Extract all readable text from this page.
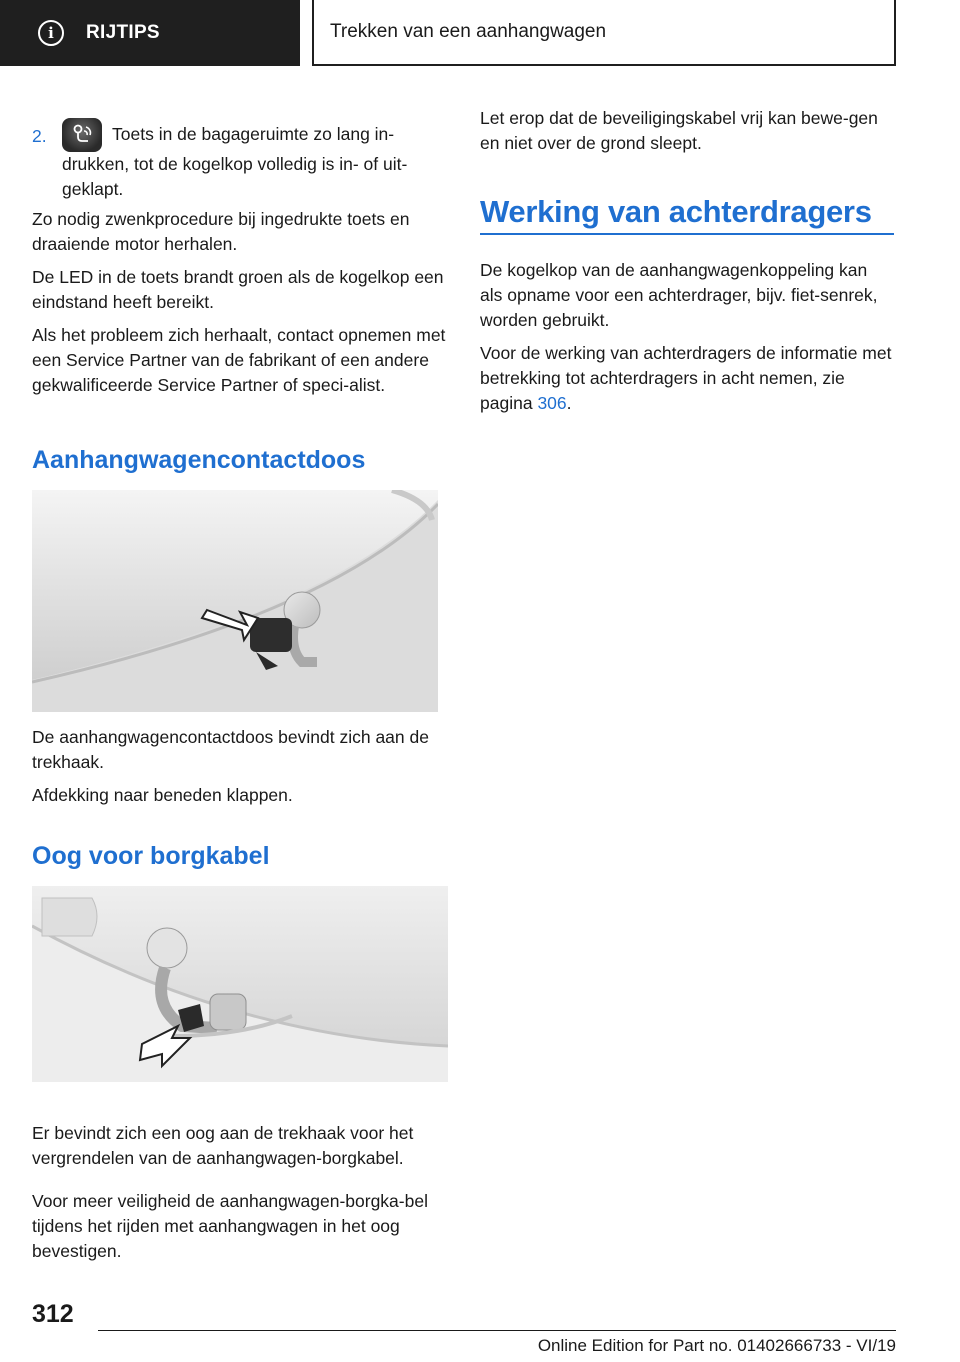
i	RIJTIPS	Trekken van een aanhangwagen
2.	Toets in de bagageruimte zo lang in-
drukken, tot de kogelkop volledig is in- of uit-
geklapt.

Zo nodig zwenkprocedure bij ingedrukte toets en draaiende motor herhalen.

De LED in de toets brandt groen als de kogelkop een eindstand heeft bereikt.

Als het probleem zich herhaalt, contact opnemen met een Service Partner van de fabrikant of een andere gekwalificeerde Service Partner of speci-alist.

Aanhangwagencontactdoos

De aanhangwagencontactdoos bevindt zich aan de trekhaak.

Afdekking naar beneden klappen.

Oog voor borgkabel

Er bevindt zich een oog aan de trekhaak voor het vergrendelen van de aanhangwagen-borgkabel.

Voor meer veiligheid de aanhangwagen-borgka-bel tijdens het rijden met aanhangwagen in het oog bevestigen.

Let erop dat de beveiligingskabel vrij kan bewe-gen en niet over de grond sleept.

Werking van achterdragers

De kogelkop van de aanhangwagenkoppeling kan als opname voor een achterdrager, bijv. fiet-senrek, worden gebruikt.

Voor de werking van achterdragers de informatie met betrekking tot achterdragers in acht nemen, zie pagina 306.

312
Online Edition for Part no. 01402666733 - VI/19
